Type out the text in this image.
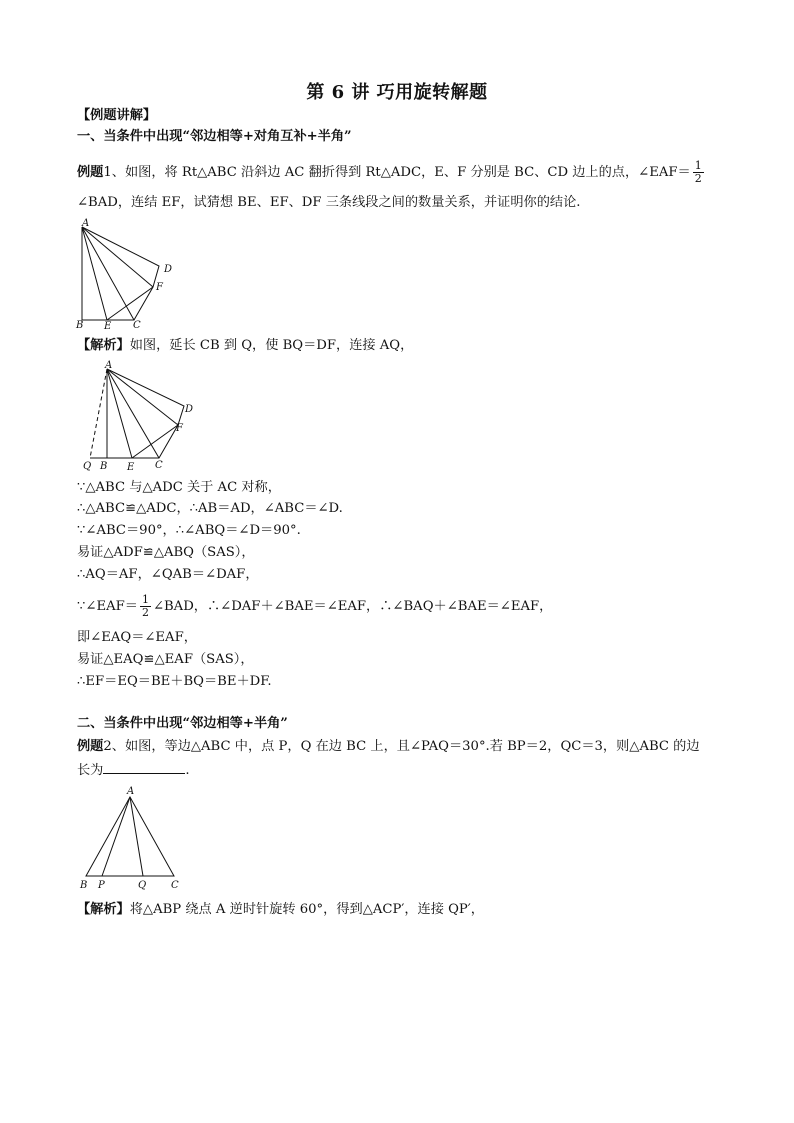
第 6 讲 巧用旋转解题
【例题讲解】
一、当条件中出现“邻边相等+对角互补+半角”
例题1、如图，将 Rt△ABC 沿斜边 AC 翻折得到 Rt△ADC，E、F 分别是 BC、CD 边上的点，∠EAF＝ $\frac{1}{2}$
∠BAD，连结 EF，试猜想 BE、EF、DF 三条线段之间的数量关系，并证明你的结论.
A
B E C
F
D
【解析】如图，延长 CB 到 Q，使 BQ＝DF，连接 AQ，
A
Q B E C
F
D
∵△ABC 与△ADC 关于 AC 对称，
∴△ABC≌△ADC，∴AB＝AD，∠ABC＝∠D.
∵∠ABC＝90°，∴∠ABQ＝∠D＝90°.
易证△ADF≌△ABQ（SAS），
∴AQ＝AF，∠QAB＝∠DAF，
∵∠EAF＝ $\frac{1}{2}$ ∠BAD，∴∠DAF＋∠BAE＝∠EAF，∴∠BAQ＋∠BAE＝∠EAF，
即∠EAQ＝∠EAF，
易证△EAQ≌△EAF（SAS），
∴EF＝EQ＝BE＋BQ＝BE＋DF.
二、当条件中出现“邻边相等+半角”
例题2、如图，等边△ABC 中，点 P，Q 在边 BC 上，且∠PAQ＝30°.若 BP＝2，QC＝3，则△ABC 的边
长为	.
A
B P	Q C
【解析】将△ABP 绕点 A 逆时针旋转 60°，得到△ACP′，连接 QP′，
